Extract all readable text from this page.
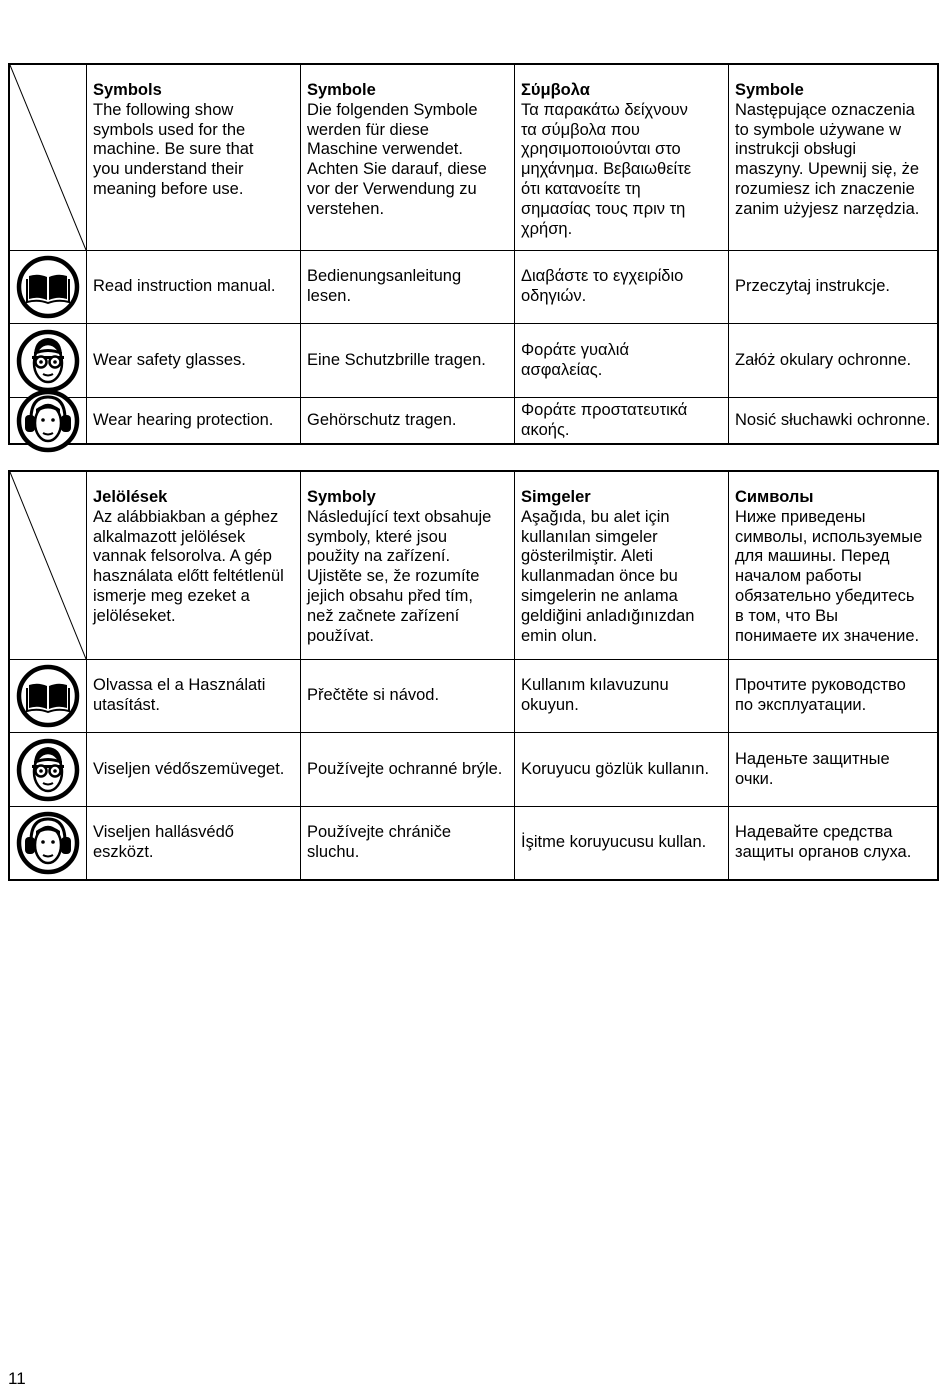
Symbols
The following show
symbols used for the
machine. Be sure that
you understand their
meaning before use.
Symbole
Die folgenden Symbole
werden für diese
Maschine verwendet.
Achten Sie darauf, diese
vor der Verwendung zu
verstehen.
Σύμβολα
Τα παρακάτω δείχνουν
τα σύμβολα που
χρησιμοποιούνται στο
μηχάνημα. Βεβαιωθείτε
ότι κατανοείτε τη
σημασίας τους πριν τη
χρήση.
Symbole
Następujące oznaczenia
to symbole używane w
instrukcji obsługi
maszyny. Upewnij się, że
rozumiesz ich znaczenie
zanim użyjesz narzędzia.
Read instruction manual.
Bedienungsanleitung
lesen.
Διαβάστε το εγχειρίδιο
οδηγιών.
Przeczytaj instrukcje.
Wear safety glasses.	Eine Schutzbrille tragen.
Φοράτε γυαλιά
ασφαλείας.
Załóż okulary ochronne.
Wear hearing protection. Gehörschutz tragen.
Φοράτε προστατευτικά
ακοής.
Nosić słuchawki ochronne.
Jelölések
Az alábbiakban a géphez
alkalmazott jelölések
vannak felsorolva. A gép
használata előtt feltétlenül
ismerje meg ezeket a
jelöléseket.
Symboly
Následující text obsahuje
symboly, které jsou
použity na zařízení.
Ujistěte se, že rozumíte
jejich obsahu před tím,
než začnete zařízení
používat.
Simgeler
Aşağıda, bu alet için
kullanılan simgeler
gösterilmiştir. Aleti
kullanmadan önce bu
simgelerin ne anlama
geldiğini anladığınızdan
emin olun.
Символы
Ниже приведены
символы, используемые
для машины. Перед
началом работы
обязательно убедитесь
в том, что Вы
понимаете их значение.
Olvassa el a Használati
utasítást.
Přečtěte si návod.
Kullanım kılavuzunu
okuyun.
Прочтите руководство
по эксплуатации.
Viseljen védőszemüveget. Používejte ochranné brýle. Koruyucu gözlük kullanın.
Наденьте защитные
очки.
Viseljen hallásvédő
eszközt.
Používejte chrániče
sluchu.
İşitme koruyucusu kullan.
Надевайте средства
защиты органов слуха.
11
